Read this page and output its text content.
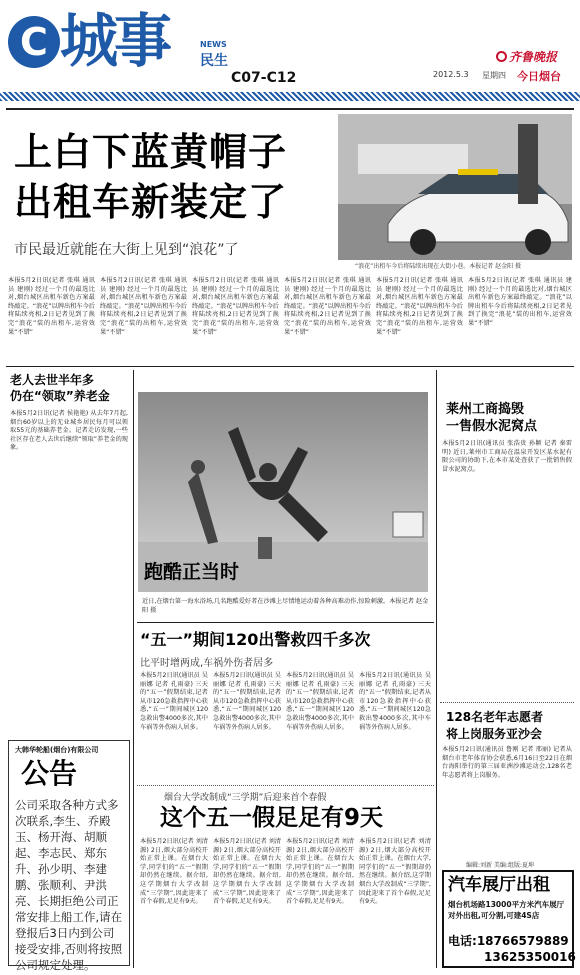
C 城事	NEWS
民生
C07-C12
齐鲁晚报
2012.5.3 星期四 今日烟台
上白下蓝黄帽子
出租车新装定了
市民最近就能在大街上见到“浪花”了
“浪花”出租车今后将陆续出现在大街小巷。本报记者 赵金阳 摄
本报5月2日讯(记者 张琪 通讯员 建刚) 经过一个月的最选比对,烟台城区出租车新色方案最终敲定。“浪花”以牌出租车今后将陆续亮相,2日记者见到了换完“浪花”装的出租车,运营效果“不错”
本报5月2日讯(记者 张琪 通讯员 建刚) 经过一个月的最选比对,烟台城区出租车新色方案最终敲定。“浪花”以牌出租车今后将陆续亮相,2日记者见到了换完“浪花”装的出租车,运营效果“不错”
本报5月2日讯(记者 张琪 通讯员 建刚) 经过一个月的最选比对,烟台城区出租车新色方案最终敲定。“浪花”以牌出租车今后将陆续亮相,2日记者见到了换完“浪花”装的出租车,运营效果“不错”
本报5月2日讯(记者 张琪 通讯员 建刚) 经过一个月的最选比对,烟台城区出租车新色方案最终敲定。“浪花”以牌出租车今后将陆续亮相,2日记者见到了换完“浪花”装的出租车,运营效果“不错”
本报5月2日讯(记者 张琪 通讯员 建刚) 经过一个月的最选比对,烟台城区出租车新色方案最终敲定。“浪花”以牌出租车今后将陆续亮相,2日记者见到了换完“浪花”装的出租车,运营效果“不错”
本报5月2日讯(记者 张琪 通讯员 建刚) 经过一个月的最选比对,烟台城区出租车新色方案最终敲定。“浪花”以牌出租车今后将陆续亮相,2日记者见到了换完“浪花”装的出租车,运营效果“不错”
老人去世半年多
仍在“领取”养老金
本报5月2日讯(记者 侯艳艳) 从去年7月起,烟台60岁以上的无业城乡居民每月可以领取55元的基础养老金。记者走访发现,一些社区存在老人去世后继续“领取”养老金的现象。
大韩华轮船(烟台)有限公司
公告
公司采取各种方式多次联系,李生、乔殿玉、杨开海、胡顺起、李志民、郑东升、孙少明、李建鹏、张顺利、尹洪亮、长期拒绝公司正常安排上船工作,请在登报后3日内到公司接受安排,否则将按照公司规定处理。
跑酷正当时
近日,在烟台第一海水浴场,几名跑酷爱好者在沙滩上尽情地运动着各种高难动作,惊险刺激。本报记者 赵金阳 摄
“五一”期间120出警救四千多次
比平时增两成,车祸外伤者居多
本报5月2日讯(通讯员 吴丽娜 记者 孔雨豪) 三天的“五一”假期结束,记者从市120急救指挥中心获悉,“五一”期间城区120急救出警4000多次,其中车祸等外伤病人居多。
本报5月2日讯(通讯员 吴丽娜 记者 孔雨豪) 三天的“五一”假期结束,记者从市120急救指挥中心获悉,“五一”期间城区120急救出警4000多次,其中车祸等外伤病人居多。
本报5月2日讯(通讯员 吴丽娜 记者 孔雨豪) 三天的“五一”假期结束,记者从市120急救指挥中心获悉,“五一”期间城区120急救出警4000多次,其中车祸等外伤病人居多。
本报5月2日讯(通讯员 吴丽娜 记者 孔雨豪) 三天的“五一”假期结束,记者从市120急救指挥中心获悉,“五一”期间城区120急救出警4000多次,其中车祸等外伤病人居多。
烟台大学改制成“三学期”后迎来首个春假
这个五一假足足有9天
本报5月2日讯(记者 刘清源) 2日,烟大部分高校开始正常上课。在烟台大学,同学们的“五一”假期却仍然在继续。据介绍,这学期烟台大学改制成“三学期”,因此迎来了首个春假,足足有9天。
本报5月2日讯(记者 刘清源) 2日,烟大部分高校开始正常上课。在烟台大学,同学们的“五一”假期却仍然在继续。据介绍,这学期烟台大学改制成“三学期”,因此迎来了首个春假,足足有9天。
本报5月2日讯(记者 刘清源) 2日,烟大部分高校开始正常上课。在烟台大学,同学们的“五一”假期却仍然在继续。据介绍,这学期烟台大学改制成“三学期”,因此迎来了首个春假,足足有9天。
本报5月2日讯(记者 刘清源) 2日,烟大部分高校开始正常上课。在烟台大学,同学们的“五一”假期却仍然在继续。据介绍,这学期烟台大学改制成“三学期”,因此迎来了首个春假,足足有9天。
莱州工商捣毁
一售假水泥窝点
本报5月2日讯(通讯员 张浩贵 孙颖 记者 秦雷明) 近日,莱州市工商局在温泉开发区某水泥有限公司的协助下,在本市某处查获了一批销售假冒水泥窝点。
128名老年志愿者
将上岗服务亚沙会
本报5月2日讯(通讯员 鲁刚 记者 邢丽) 记者从烟台市老年体育协会获悉,6月16日至22日在烟台海阳举行的第三届亚洲沙滩运动会,128名老年志愿者将上岗服务。
编辑:刘新 美编:组版:夏坤
汽车展厅出租
烟台机场路13000平方米汽车展厅对外出租,可分割,可建4S店
电话:18766579889
13625350016
